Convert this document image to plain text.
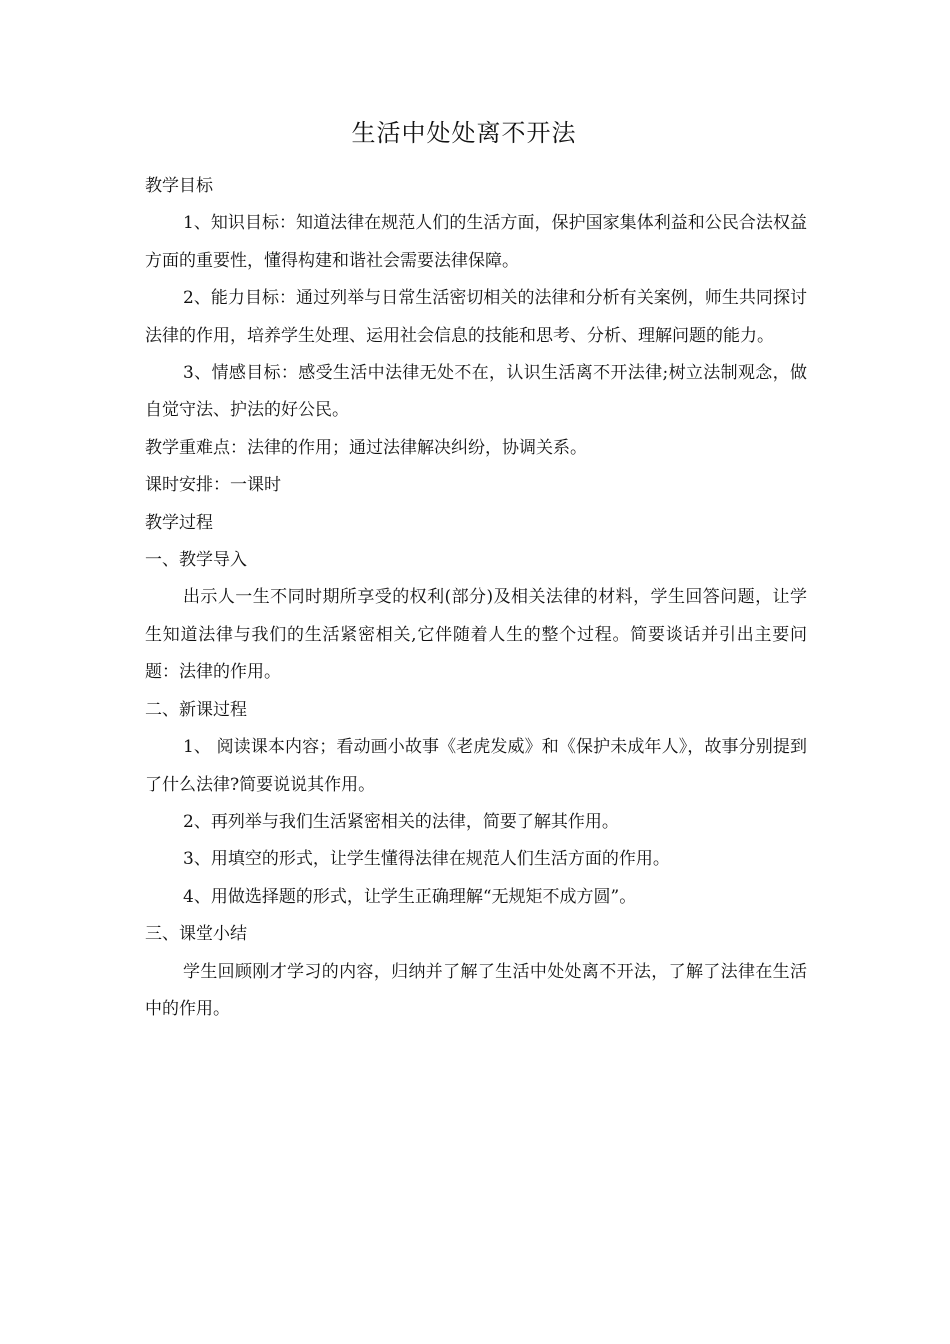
生活中处处离不开法

教学目标

1、知识目标：知道法律在规范人们的生活方面，保护国家集体利益和公民合法权益方面的重要性，懂得构建和谐社会需要法律保障。

2、能力目标：通过列举与日常生活密切相关的法律和分析有关案例，师生共同探讨法律的作用，培养学生处理、运用社会信息的技能和思考、分析、理解问题的能力。

3、情感目标：感受生活中法律无处不在，认识生活离不开法律;树立法制观念，做自觉守法、护法的好公民。

教学重难点：法律的作用；通过法律解决纠纷，协调关系。

课时安排：一课时

教学过程

一、教学导入

出示人一生不同时期所享受的权利(部分)及相关法律的材料，学生回答问题，让学生知道法律与我们的生活紧密相关,它伴随着人生的整个过程。简要谈话并引出主要问题：法律的作用。

二、新课过程

1、 阅读课本内容；看动画小故事《老虎发威》和《保护未成年人》，故事分别提到了什么法律?简要说说其作用。

2、再列举与我们生活紧密相关的法律，简要了解其作用。

3、用填空的形式，让学生懂得法律在规范人们生活方面的作用。

4、用做选择题的形式，让学生正确理解“无规矩不成方圆”。

三、课堂小结

学生回顾刚才学习的内容，归纳并了解了生活中处处离不开法，了解了法律在生活中的作用。
